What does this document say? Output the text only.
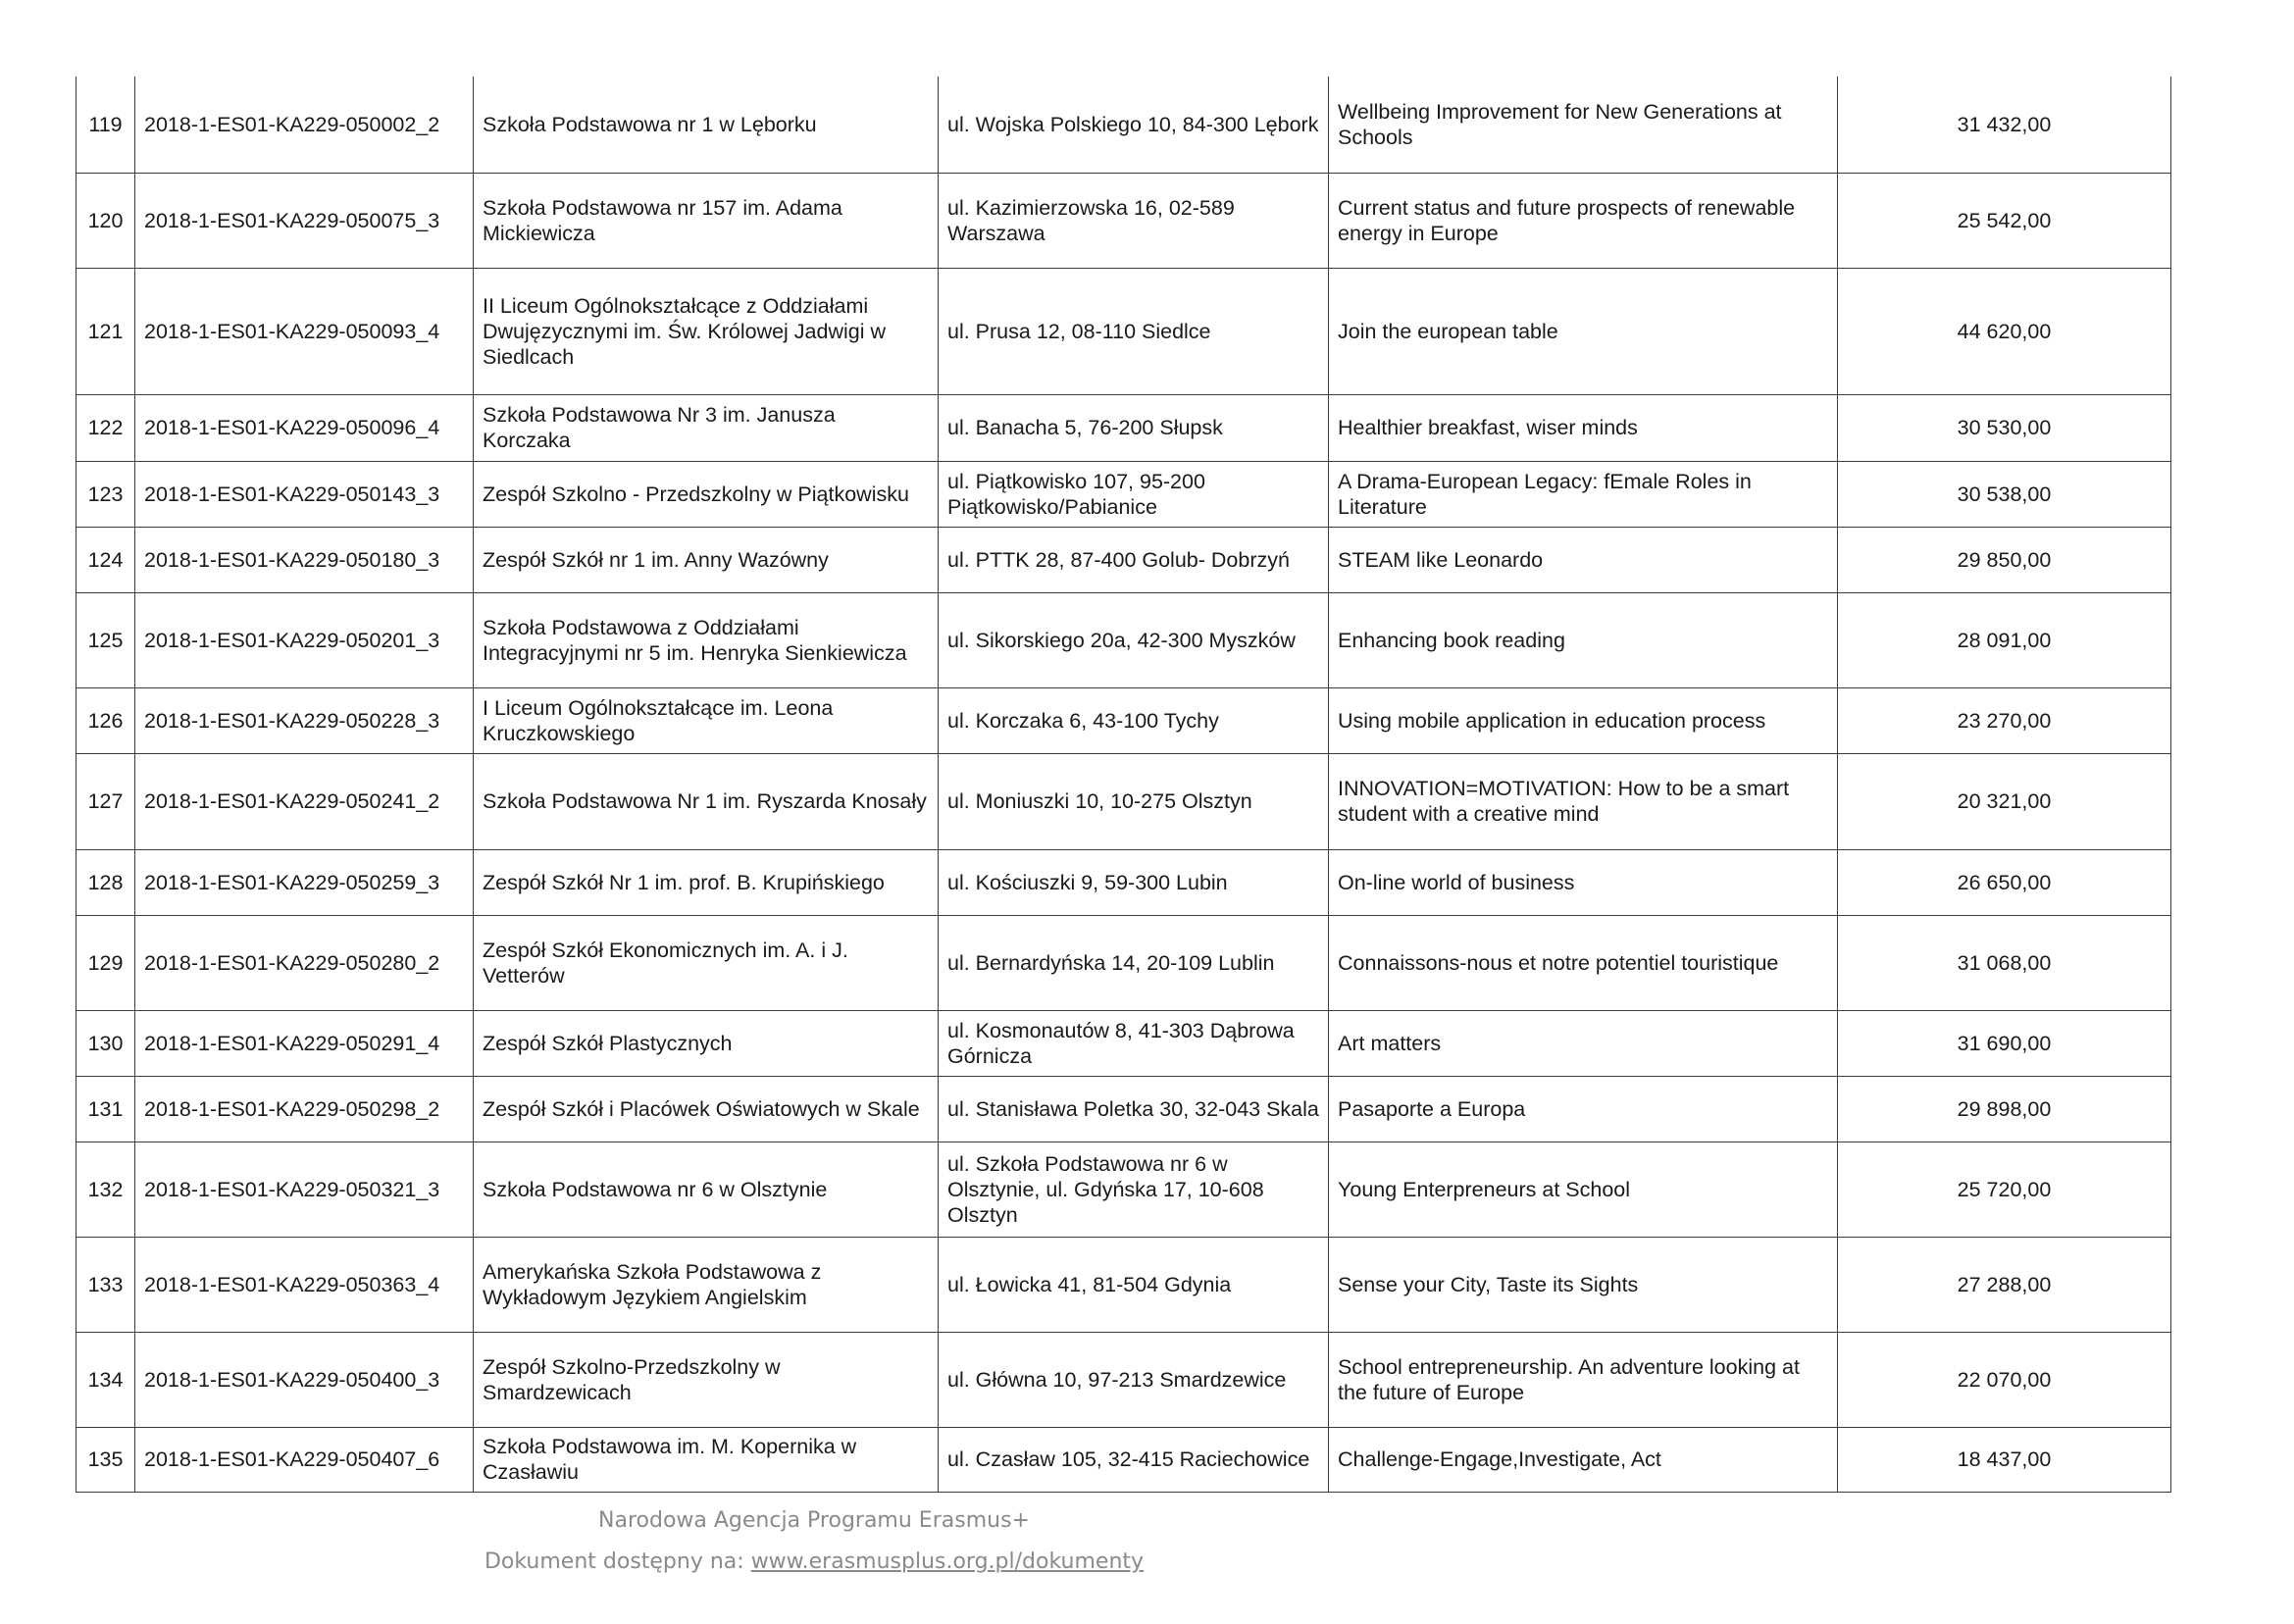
119	2018-1-ES01-KA229-050002_2	Szkoła Podstawowa nr 1 w Lęborku	ul. Wojska Polskiego 10, 84-300 Lębork	Wellbeing Improvement for New Generations at Schools	31 432,00
120	2018-1-ES01-KA229-050075_3	Szkoła Podstawowa nr 157 im. Adama Mickiewicza	ul. Kazimierzowska 16, 02-589 Warszawa	Current status and future prospects of renewable energy in Europe	25 542,00
121	2018-1-ES01-KA229-050093_4	II Liceum Ogólnokształcące z Oddziałami Dwujęzycznymi im. Św. Królowej Jadwigi w Siedlcach	ul. Prusa 12, 08-110 Siedlce	Join the european table	44 620,00
122	2018-1-ES01-KA229-050096_4	Szkoła Podstawowa Nr 3 im. Janusza Korczaka	ul. Banacha 5, 76-200 Słupsk	Healthier breakfast, wiser minds	30 530,00
123	2018-1-ES01-KA229-050143_3	Zespół Szkolno - Przedszkolny w Piątkowisku	ul. Piątkowisko 107, 95-200 Piątkowisko/Pabianice	A Drama-European Legacy: fEmale Roles in Literature	30 538,00
124	2018-1-ES01-KA229-050180_3	Zespół Szkół nr 1 im. Anny Wazówny	ul. PTTK 28, 87-400 Golub- Dobrzyń	STEAM like Leonardo	29 850,00
125	2018-1-ES01-KA229-050201_3	Szkoła Podstawowa z Oddziałami Integracyjnymi nr 5 im. Henryka Sienkiewicza	ul. Sikorskiego 20a, 42-300 Myszków	Enhancing book reading	28 091,00
126	2018-1-ES01-KA229-050228_3	I Liceum Ogólnokształcące im. Leona Kruczkowskiego	ul. Korczaka 6, 43-100 Tychy	Using mobile application in education process	23 270,00
127	2018-1-ES01-KA229-050241_2	Szkoła Podstawowa Nr 1 im. Ryszarda Knosały	ul. Moniuszki 10, 10-275 Olsztyn	INNOVATION=MOTIVATION: How to be a smart student with a creative mind	20 321,00
128	2018-1-ES01-KA229-050259_3	Zespół Szkół Nr 1 im. prof. B. Krupińskiego	ul. Kościuszki 9, 59-300 Lubin	On-line world of business	26 650,00
129	2018-1-ES01-KA229-050280_2	Zespół Szkół Ekonomicznych im. A. i J. Vetterów	ul. Bernardyńska 14, 20-109 Lublin	Connaissons-nous et notre potentiel touristique	31 068,00
130	2018-1-ES01-KA229-050291_4	Zespół Szkół Plastycznych	ul. Kosmonautów 8, 41-303 Dąbrowa Górnicza	Art matters	31 690,00
131	2018-1-ES01-KA229-050298_2	Zespół Szkół i Placówek Oświatowych w Skale	ul. Stanisława Poletka 30, 32-043 Skala	Pasaporte a Europa	29 898,00
132	2018-1-ES01-KA229-050321_3	Szkoła Podstawowa nr 6 w Olsztynie	ul. Szkoła Podstawowa nr 6 w Olsztynie, ul. Gdyńska 17, 10-608 Olsztyn	Young Enterpreneurs at School	25 720,00
133	2018-1-ES01-KA229-050363_4	Amerykańska Szkoła Podstawowa z Wykładowym Językiem Angielskim	ul. Łowicka 41, 81-504 Gdynia	Sense your City, Taste its Sights	27 288,00
134	2018-1-ES01-KA229-050400_3	Zespół Szkolno-Przedszkolny w Smardzewicach	ul. Główna 10, 97-213 Smardzewice	School entrepreneurship. An adventure looking at the future of Europe	22 070,00
135	2018-1-ES01-KA229-050407_6	Szkoła Podstawowa im. M. Kopernika w Czasławiu	ul. Czasław 105, 32-415 Raciechowice	Challenge-Engage,Investigate, Act	18 437,00
Narodowa Agencja Programu Erasmus+
Dokument dostępny na: www.erasmusplus.org.pl/dokumenty
